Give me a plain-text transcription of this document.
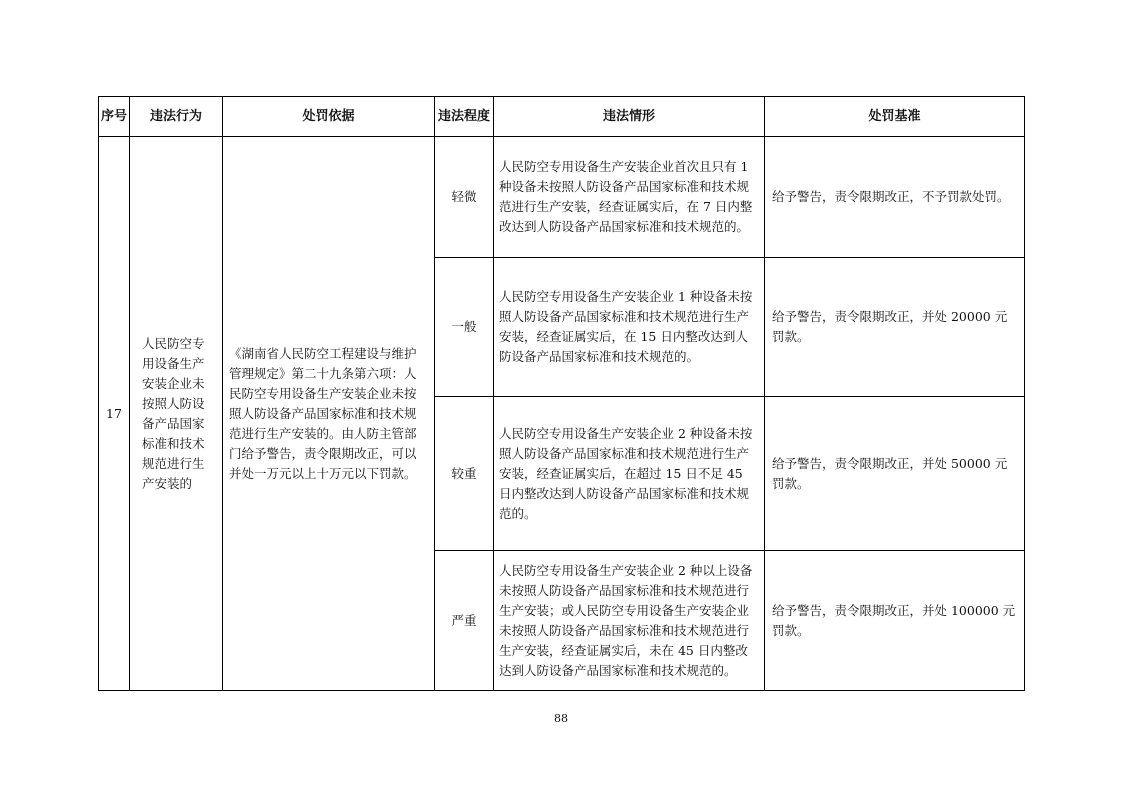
序号	违法行为	处罚依据	违法程度	违法情形	处罚基准
17	人民防空专用设备生产安装企业未按照人防设备产品国家标准和技术规范进行生产安装的	《湖南省人民防空工程建设与维护管理规定》第二十九条第六项：人民防空专用设备生产安装企业未按照人防设备产品国家标准和技术规范进行生产安装的。由人防主管部门给予警告，责令限期改正，可以并处一万元以上十万元以下罚款。	轻微	人民防空专用设备生产安装企业首次且只有 1 种设备未按照人防设备产品国家标准和技术规范进行生产安装，经查证属实后，在 7 日内整改达到人防设备产品国家标准和技术规范的。	给予警告，责令限期改正，不予罚款处罚。
			一般	人民防空专用设备生产安装企业 1 种设备未按照人防设备产品国家标准和技术规范进行生产安装，经查证属实后，在 15 日内整改达到人防设备产品国家标准和技术规范的。	给予警告，责令限期改正，并处 20000 元罚款。
			较重	人民防空专用设备生产安装企业 2 种设备未按照人防设备产品国家标准和技术规范进行生产安装，经查证属实后，在超过 15 日不足 45 日内整改达到人防设备产品国家标准和技术规范的。	给予警告，责令限期改正，并处 50000 元罚款。
			严重	人民防空专用设备生产安装企业 2 种以上设备未按照人防设备产品国家标准和技术规范进行生产安装；或人民防空专用设备生产安装企业未按照人防设备产品国家标准和技术规范进行生产安装，经查证属实后，未在 45 日内整改达到人防设备产品国家标准和技术规范的。	给予警告，责令限期改正，并处 100000 元罚款。
88
